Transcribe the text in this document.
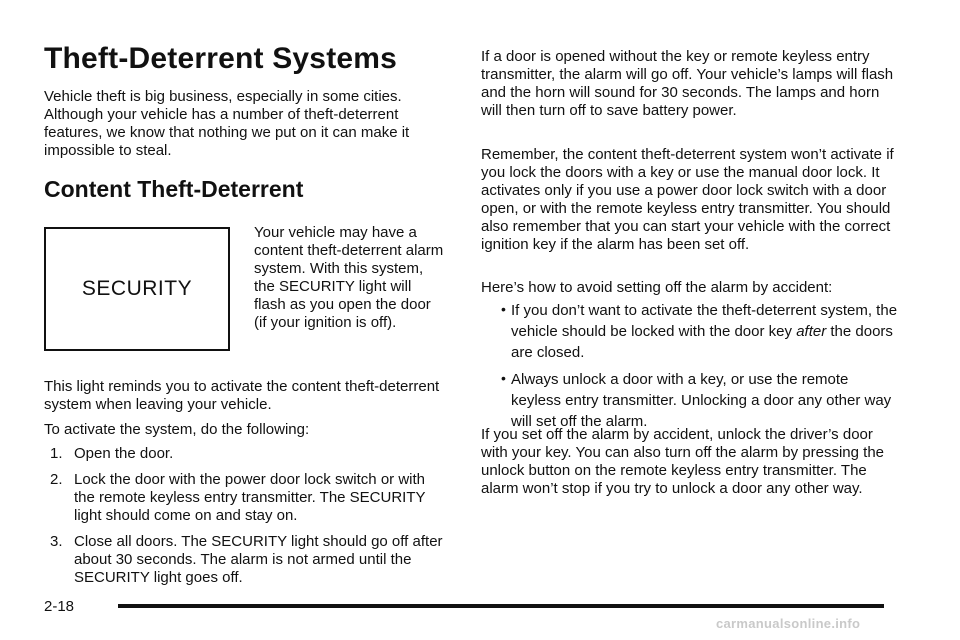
Theft-Deterrent Systems

Vehicle theft is big business, especially in some cities. Although your vehicle has a number of theft-deterrent features, we know that nothing we put on it can make it impossible to steal.

Content Theft-Deterrent
SECURITY

Your vehicle may have a content theft-deterrent alarm system. With this system, the SECURITY light will flash as you open the door (if your ignition is off).

This light reminds you to activate the content theft-deterrent system when leaving your vehicle.

To activate the system, do the following:

1. Open the door.
2. Lock the door with the power door lock switch or with the remote keyless entry transmitter. The SECURITY light should come on and stay on.
3. Close all doors. The SECURITY light should go off after about 30 seconds. The alarm is not armed until the SECURITY light goes off.

If a door is opened without the key or remote keyless entry transmitter, the alarm will go off. Your vehicle’s lamps will flash and the horn will sound for 30 seconds. The lamps and horn will then turn off to save battery power.

Remember, the content theft-deterrent system won’t activate if you lock the doors with a key or use the manual door lock. It activates only if you use a power door lock switch with a door open, or with the remote keyless entry transmitter. You should also remember that you can start your vehicle with the correct ignition key if the alarm has been set off.

Here’s how to avoid setting off the alarm by accident:

• If you don’t want to activate the theft-deterrent system, the vehicle should be locked with the door key after the doors are closed.
• Always unlock a door with a key, or use the remote keyless entry transmitter. Unlocking a door any other way will set off the alarm.

If you set off the alarm by accident, unlock the driver’s door with your key. You can also turn off the alarm by pressing the unlock button on the remote keyless entry transmitter. The alarm won’t stop if you try to unlock a door any other way.

2-18
carmanualsonline.info
